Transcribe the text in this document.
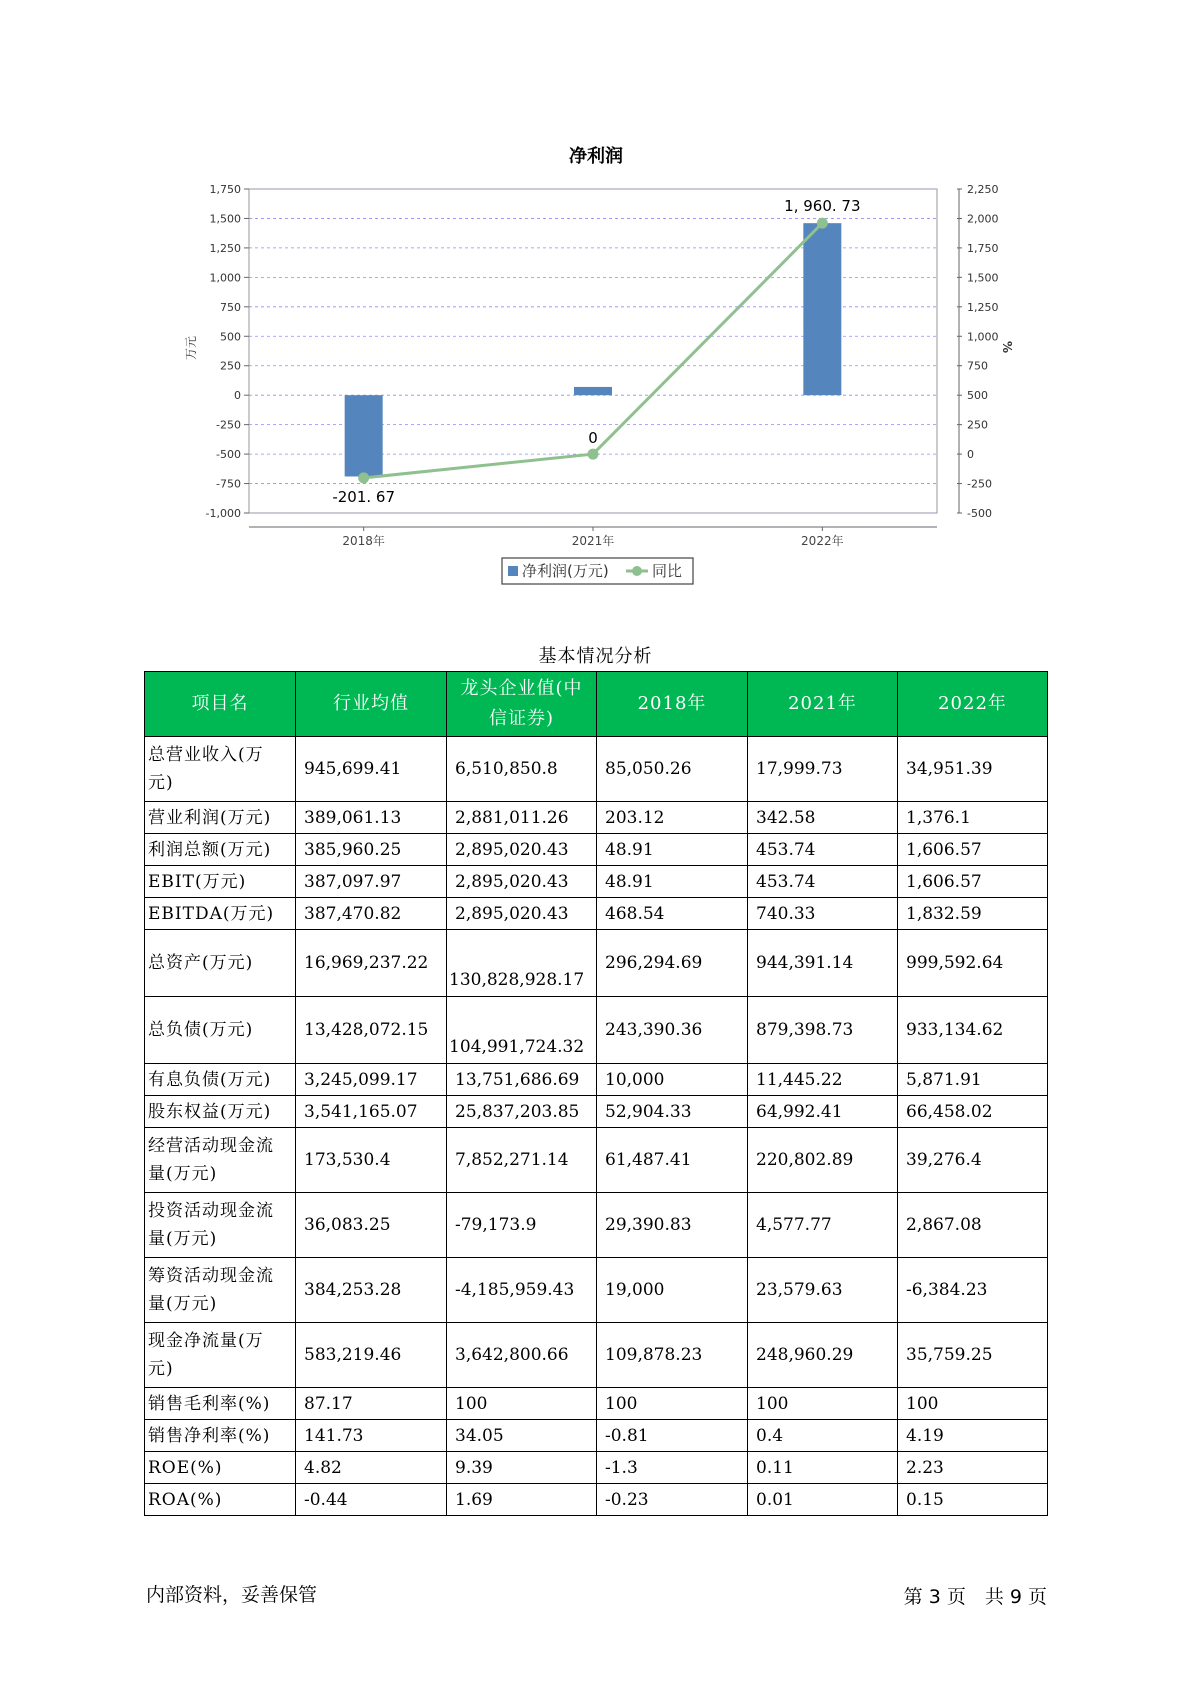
净利润
1,750	2,250
1,500	2,000
1,250	1,750
1,000	1,500
750	1,250
500	1,000
250	750
0	500
-250	250
-500	0
-750	-250
-1,000	-500
2018年	2021年	2022年
万元	%
-201. 67
0
1, 960. 73
净利润(万元)	同比
基本情况分析
项目名	行业均值	龙头企业值(中信证券)	2018年	2021年	2022年
总营业收入(万元)	945,699.41	6,510,850.8	85,050.26	17,999.73	34,951.39
营业利润(万元)	389,061.13	2,881,011.26	203.12	342.58	1,376.1
利润总额(万元)	385,960.25	2,895,020.43	48.91	453.74	1,606.57
EBIT(万元)	387,097.97	2,895,020.43	48.91	453.74	1,606.57
EBITDA(万元)	387,470.82	2,895,020.43	468.54	740.33	1,832.59
总资产(万元)	16,969,237.22	130,828,928.17	296,294.69	944,391.14	999,592.64
总负债(万元)	13,428,072.15	104,991,724.32	243,390.36	879,398.73	933,134.62
有息负债(万元)	3,245,099.17	13,751,686.69	10,000	11,445.22	5,871.91
股东权益(万元)	3,541,165.07	25,837,203.85	52,904.33	64,992.41	66,458.02
经营活动现金流量(万元)	173,530.4	7,852,271.14	61,487.41	220,802.89	39,276.4
投资活动现金流量(万元)	36,083.25	-79,173.9	29,390.83	4,577.77	2,867.08
筹资活动现金流量(万元)	384,253.28	-4,185,959.43	19,000	23,579.63	-6,384.23
现金净流量(万元)	583,219.46	3,642,800.66	109,878.23	248,960.29	35,759.25
销售毛利率(%)	87.17	100	100	100	100
销售净利率(%)	141.73	34.05	-0.81	0.4	4.19
ROE(%)	4.82	9.39	-1.3	0.11	2.23
ROA(%)	-0.44	1.69	-0.23	0.01	0.15
内部资料，妥善保管	第 3 页　共 9 页
